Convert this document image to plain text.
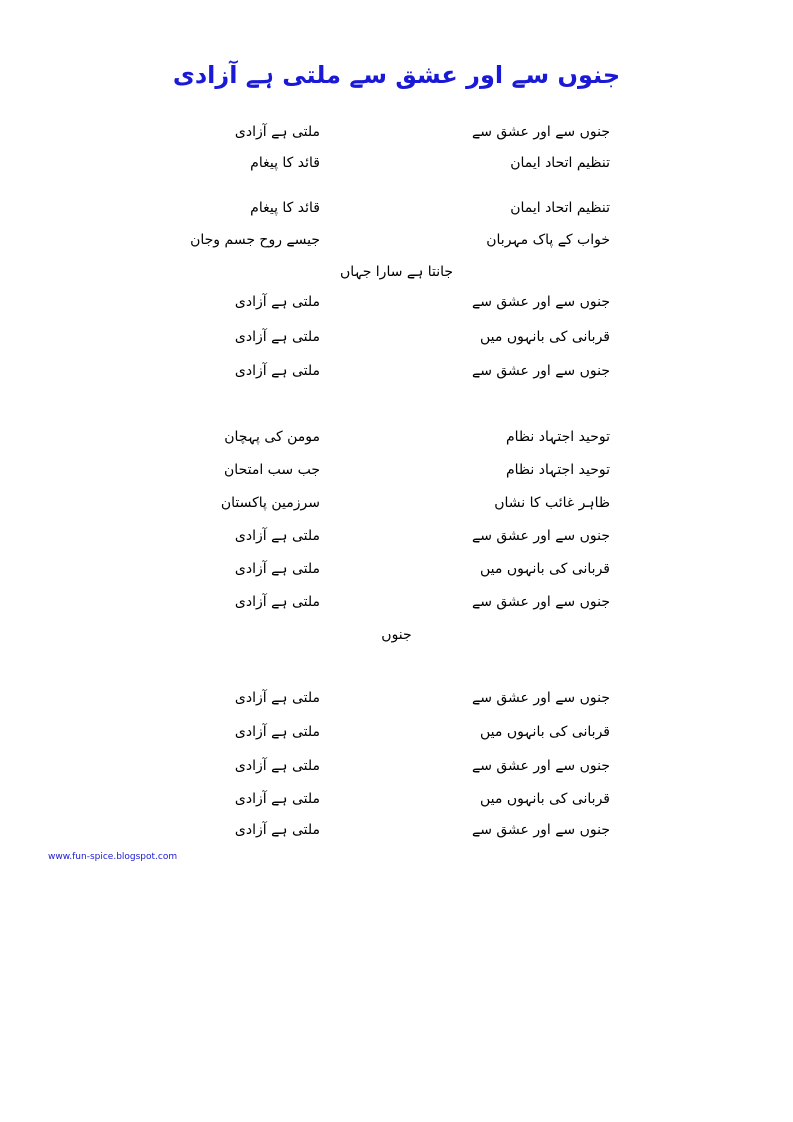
جنوں سے اور عشق سے ملتی ہے آزادی
جنوں سے اور عشق سے
ملتی ہے آزادی
تنظیم اتحاد ایمان
قائد کا پیغام
تنظیم اتحاد ایمان
قائد کا پیغام
خواب کے پاک مہربان
جیسے روح جسم وجان
جانتا ہے سارا جہاں
جنوں سے اور عشق سے
ملتی ہے آزادی
قربانی کی بانہوں میں
ملتی ہے آزادی
جنوں سے اور عشق سے
ملتی ہے آزادی
توحید اجتہاد نظام
مومن کی پہچان
توحید اجتہاد نظام
جب سب امتحان
ظاہر غائب کا نشاں
سرزمین پاکستان
جنوں سے اور عشق سے
ملتی ہے آزادی
قربانی کی بانہوں میں
ملتی ہے آزادی
جنوں سے اور عشق سے
ملتی ہے آزادی
جنوں
جنوں سے اور عشق سے
ملتی ہے آزادی
قربانی کی بانہوں میں
ملتی ہے آزادی
جنوں سے اور عشق سے
ملتی ہے آزادی
قربانی کی بانہوں میں
ملتی ہے آزادی
جنوں سے اور عشق سے
ملتی ہے آزادی
www.fun-spice.blogspot.com
